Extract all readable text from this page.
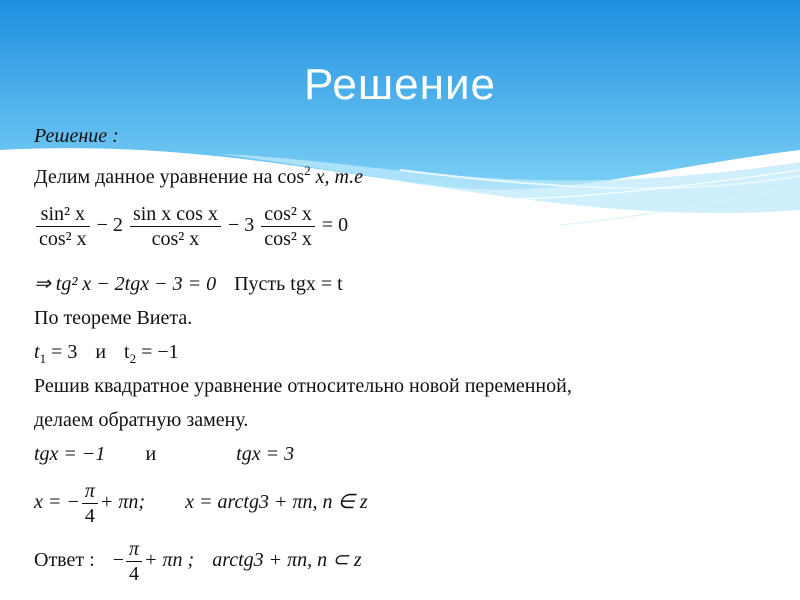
Решение
Решение :
Делим данное уравнение на $\cos^2 x$, т.е
$\frac{\text{sin² x}}{\text{cos² x}} - 2 \frac{\text{sin x cos x}}{\text{cos² x}} - 3 \frac{\text{cos² x}}{\text{cos² x}} = 0$
⇒ tg² x − 2tgx − 3 = 0 Пусть tgx = t
По теореме Виета.
$t_1 = 3$ и $t_2 = -1$
Решив квадратное уравнение относительно новой переменной,
делаем обратную замену.
tgx = −1 и	tgx = 3
x = − $\frac{\pi}{4} + \pi n$; x = arctg3 + πn, n ∈ z
Ответ : − $\frac{\pi}{4} + \pi n$ ; arctg3 + πn, n ⊂ z
